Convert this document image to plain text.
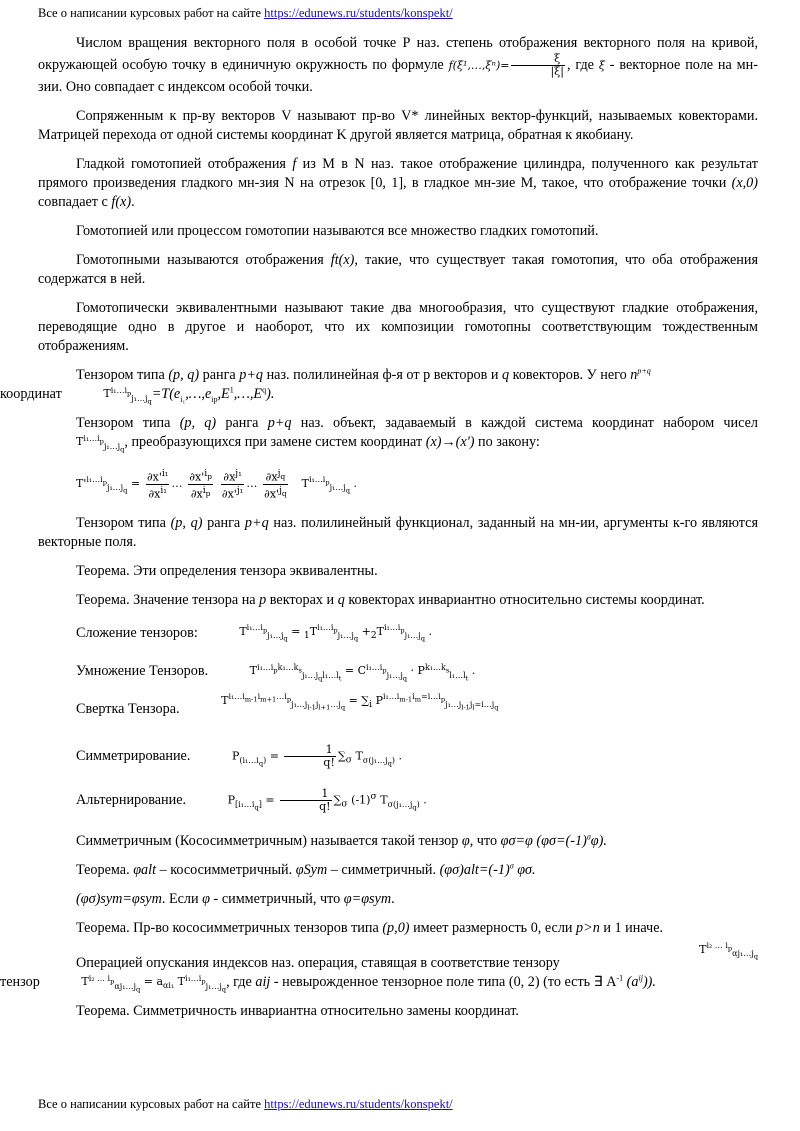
Все о написании курсовых работ на сайте https://edunews.ru/students/konspekt/

Числом вращения векторного поля в особой точке Р наз. степень отображения векторного поля на кривой, окружающей особую точку в единичную окружность по формуле f(ξ¹,…,ξⁿ)= $\frac{\xi}{|\xi|}$ , где ξ - векторное поле на мн-зии. Оно совпадает с индексом особой точки.

Сопряженным к пр-ву векторов V называют пр-во V* линейных вектор-функций, называемых ковекторами. Матрицей перехода от одной системы координат K другой является матрица, обратная к якобиану.

Гладкой гомотопией отображения f из M в N наз. такое отображение цилиндра, полученного как результат прямого произведения гладкого мн-зия N на отрезок [0, 1], в гладкое мн-зие М, такое, что отображение точки (x,0) совпадает с f(x).

Гомотопией или процессом гомотопии называются все множество гладких гомотопий.

Гомотопными называются отображения ft(x), такие, что существует такая гомотопия, что оба отображения содержатся в ней.

Гомотопически эквивалентными называют такие два многообразия, что существуют гладкие отображения, переводящие одно в другое и наоборот, что их композиции гомотопны соответствующим тождественным отображениям.

Тензором типа (p, q) ранга p+q наз. полилинейная ф-я от p векторов и q ковекторов. У него $n^{p+q}$
координат	$T^{i_1\dots i_p}_{j_1\dots j_q}=T(e_{i_1},\dots,e_{ip},E^1,\dots,E^q)$.

Тензором типа (p, q) ранга p+q наз. объект, задаваемый в каждой система координат набором чисел $T^{i_1\dots i_p}_{j_1\dots j_q}$, преобразующихся при замене систем координат (x)→(x') по закону:

$T'^{i_1\dots i_p}_{j_1\dots j_q} = \frac{\partial x'^{i_1}}{\partial x^{i_1}}$ … $\frac{\partial x'^{i_p}}{\partial x^{i_p}}$
$\frac{\partial x^{j_1}}{\partial x'^{j_1}}$ … $\frac{\partial x^{j_q}}{\partial x'^{j_q}} T^{i_1\dots i_p}_{j_1\dots j_q}$ .

Тензором типа (p, q) ранга p+q наз. полилинейный функционал, заданный на мн-ии, аргументы к-го являются векторные поля.

Теорема. Эти определения тензора эквивалентны.

Теорема. Значение тензора на p векторах и q ковекторах инвариантно относительно системы координат.

Сложение тензоров:	$T^{i_1\dots i_p}_{j_1\dots j_q} = _1T^{i_1\dots i_p}_{j_1\dots j_q} +_2T^{i_1\dots i_p}_{j_1\dots j_q}$ .

Умножение Тензоров.	$T^{i_1\dots i_pk_1\dots k_s}_{j_1\dots j_ql_1\dots l_t} = C^{i_1\dots i_p}_{j_1\dots j_q} \cdot P^{k_1\dots k_s}_{l_1\dots l_t}$ .

Свертка Тензора. $T^{i_1\dots i_{m-1}i_{m+1}\dots i_p}_{j_1\dots j_{l-1}j_{l+1}\dots j_q} = \sum_i$ $P^{i_1\dots i_{m-1}i_m=i\dots i_p}_{j_1\dots j_{l-1}j_l=i\dots j_q}$

Симметрирование.	$P_{(i_1\dots i_q)} = \frac{1}{q!} \sum_\sigma$ $T_{\sigma(j_1\dots j_q)}$ .

Альтернирование.	$P_{[i_1\dots i_q]} = \frac{1}{q!} \sum_\sigma$ $(-1)^\sigma$ $T_{\sigma(j_1\dots j_q)}$ .

Симметричным (Кососимметричным) называется такой тензор φ, что φσ=φ $(\varphi\sigma=(-1)^\sigma\varphi)$.

Теорема. φalt – кососимметричный. φSym – симметричный. $(\varphi\sigma)alt=(-1)^\sigma$ φσ.

(φσ)sym=φsym. Если φ - симметричный, что φ=φsym.

Теорема. Пр-во кососимметричных тензоров типа (p,0) имеет размерность 0, если p>n и 1 иначе.

Операцией опускания индексов наз. операция, ставящая в соответствие тензору
$T^{i_2 \dots i_p}_{\alpha j_1\dots j_q}$

тензор	$T^{i_2 \dots i_p}_{\alpha j_1\dots j_q} = a_{\alpha i_1}$ $T^{i_1\dots i_p}_{j_1\dots j_q}$, где aij - невырожденное тензорное поле типа (0, 2) (то есть ∃ $A^{-1}$ $(a^{ij})$).

Теорема. Симметричность инвариантна относительно замены координат.

Все о написании курсовых работ на сайте https://edunews.ru/students/konspekt/
